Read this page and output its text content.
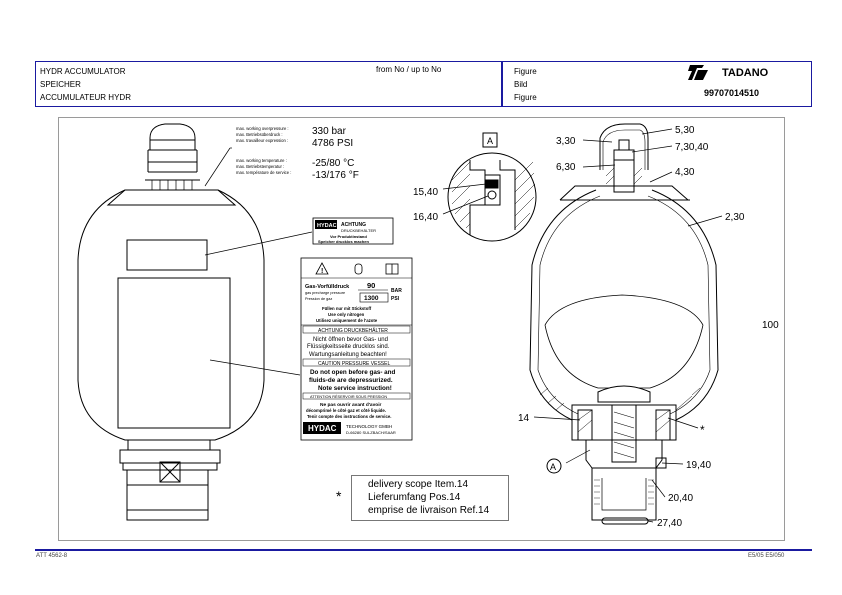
HYDR ACCUMULATOR
SPEICHER
ACCUMULATEUR HYDR
from No / up to No	Figure
Bild
Figure
TADANO
99707014510
max. working overpressure :
max. Betriebsüberdruck :
max. travailleur expression :
330 bar
4786 PSI
max. working temperature :
max. Betriebstemperatur :
max. température de service :
-25/80 °C
-13/176 °F
HYDAC ACHTUNG
DRUCKBEHÄLTER
Vor Produktinstand
Speicher drucklos machen
!
Gas-Vorfülldruck
gas precharge pressure
Pression de gaz
90
BAR
1300	PSI
Füllen nur mit Stickstoff
Use only nitrogen
Utilisez uniquement de l'azote
ACHTUNG DRUCKBEHÄLTER
Nicht öffnen bevor Gas- und
Flüssigkeitsseite drucklos sind.
Wartungsanleitung beachten!
CAUTION PRESSURE VESSEL
Do not open before gas- and
fluids-de are depressurized.
Note service instruction!
ATTENTION RÉSERVOIR SOUS PRESSION
Ne pas ouvrir avant d'avoir
décomprimé le côté gaz et côté liquide.
Tenir compte des instructions de service.
HYDAC TECHNOLOGY GMBH
D-66280 SULZBACH/SAAR
A
15,40
16,40
3,30
6,30
5,30
7,30,40
4,30
2,30
100
14
*
A	19,40
20,40
27,40
*
delivery scope Item.14
Lieferumfang Pos.14
emprise de livraison Ref.14
ATT 4562-8	E5/05 E5/050
